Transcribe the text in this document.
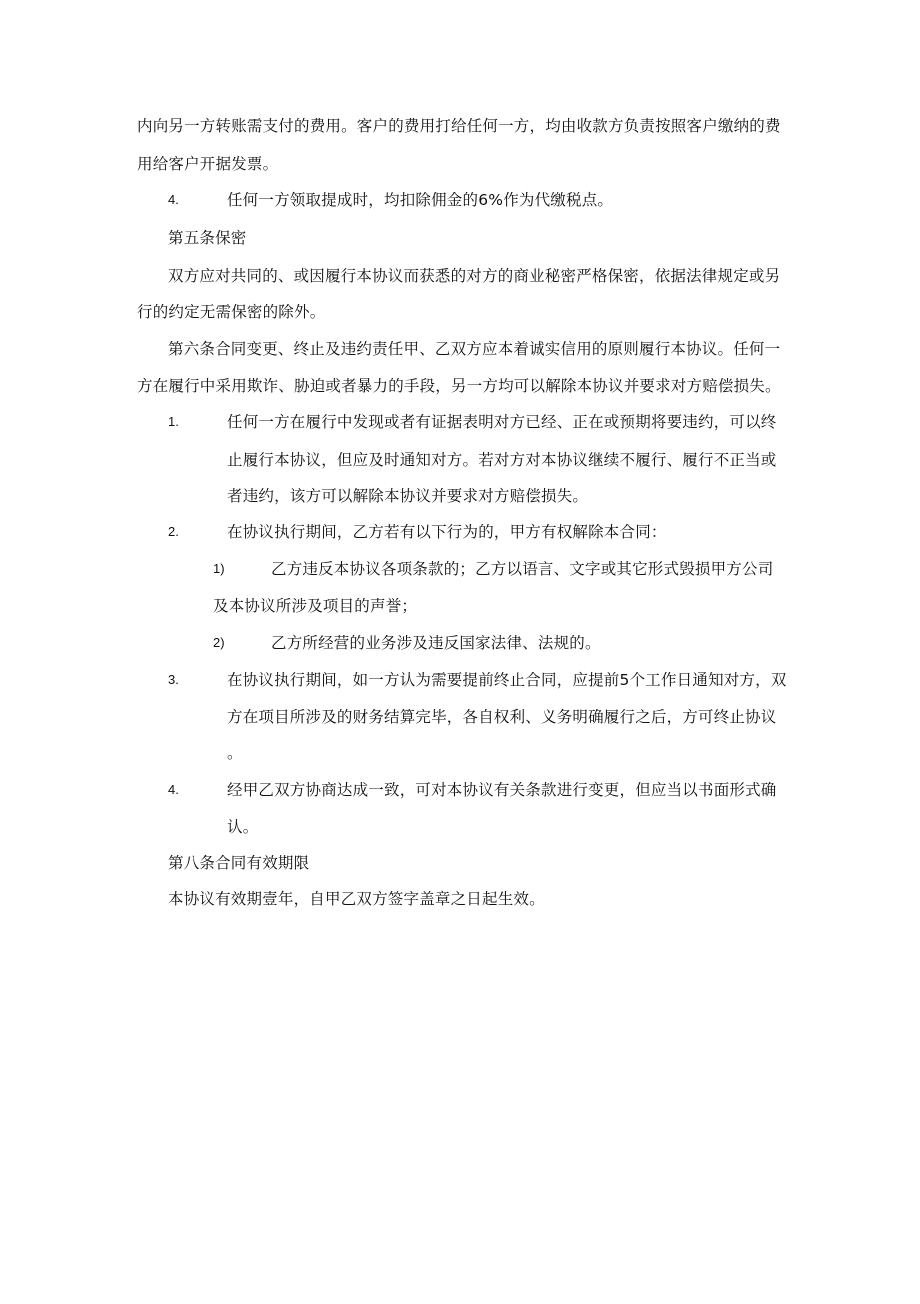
内向另一方转账需支付的费用。客户的费用打给任何一方，均由收款方负责按照客户缴纳的费
用给客户开据发票。
4.	任何一方领取提成时，均扣除佣金的6%作为代缴税点。
第五条保密
双方应对共同的、或因履行本协议而获悉的对方的商业秘密严格保密，依据法律规定或另
行的约定无需保密的除外。
第六条合同变更、终止及违约责任甲、乙双方应本着诚实信用的原则履行本协议。任何一
方在履行中采用欺诈、胁迫或者暴力的手段，另一方均可以解除本协议并要求对方赔偿损失。
1.	任何一方在履行中发现或者有证据表明对方已经、正在或预期将要违约，可以终
止履行本协议，但应及时通知对方。若对方对本协议继续不履行、履行不正当或
者违约，该方可以解除本协议并要求对方赔偿损失。
2.	在协议执行期间，乙方若有以下行为的，甲方有权解除本合同：
1)	乙方违反本协议各项条款的；乙方以语言、文字或其它形式毁损甲方公司
及本协议所涉及项目的声誉；
2)	乙方所经营的业务涉及违反国家法律、法规的。
3.	在协议执行期间，如一方认为需要提前终止合同，应提前5个工作日通知对方，双
方在项目所涉及的财务结算完毕，各自权利、义务明确履行之后，方可终止协议
。
4.	经甲乙双方协商达成一致，可对本协议有关条款进行变更，但应当以书面形式确
认。
第八条合同有效期限
本协议有效期壹年，自甲乙双方签字盖章之日起生效。
